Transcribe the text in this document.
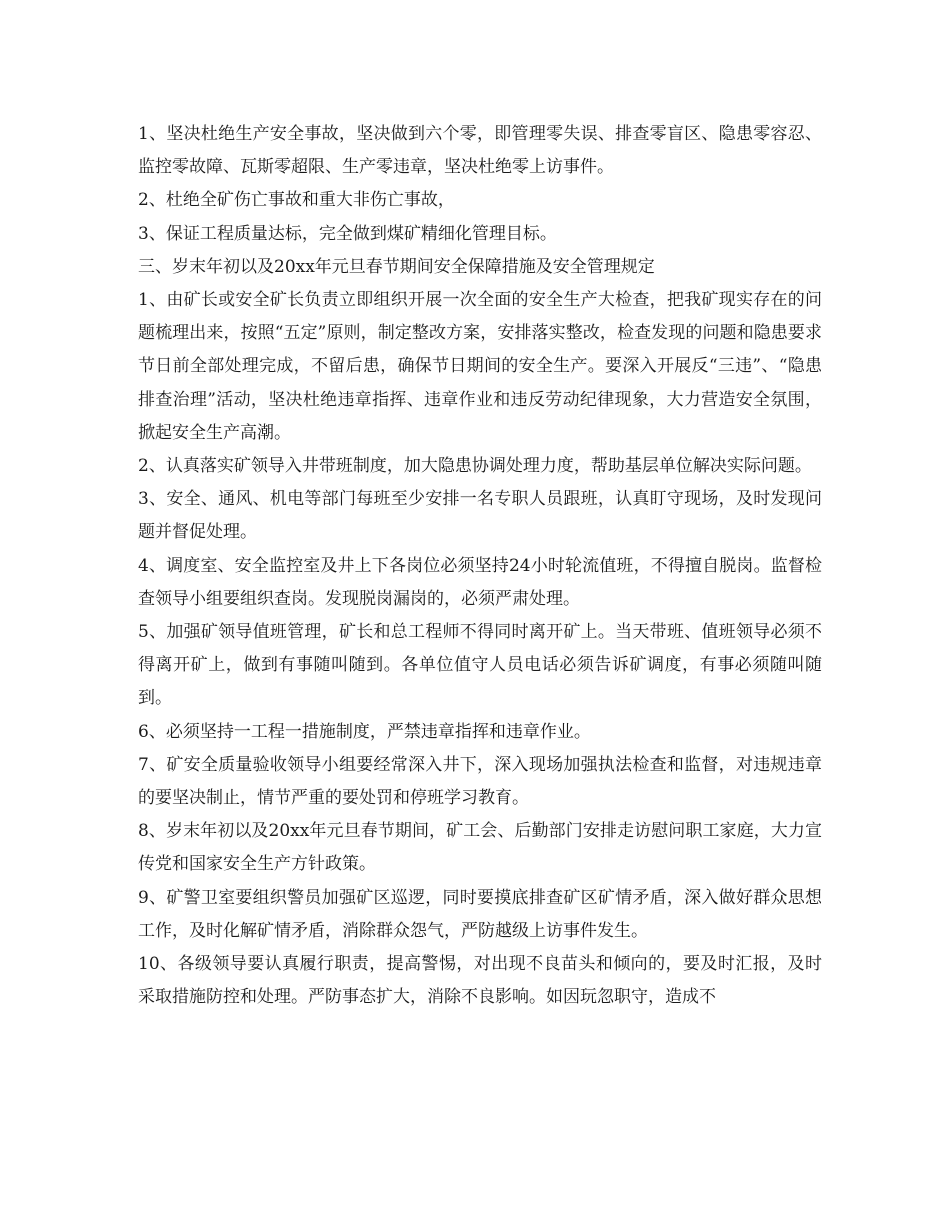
1、坚决杜绝生产安全事故，坚决做到六个零，即管理零失误、排查零盲区、隐患零容忍、监控零故障、瓦斯零超限、生产零违章，坚决杜绝零上访事件。

2、杜绝全矿伤亡事故和重大非伤亡事故，

3、保证工程质量达标，完全做到煤矿精细化管理目标。

三、岁末年初以及20xx年元旦春节期间安全保障措施及安全管理规定

1、由矿长或安全矿长负责立即组织开展一次全面的安全生产大检查，把我矿现实存在的问题梳理出来，按照“五定”原则，制定整改方案，安排落实整改，检查发现的问题和隐患要求节日前全部处理完成，不留后患，确保节日期间的安全生产。要深入开展反“三违”、“隐患排查治理”活动，坚决杜绝违章指挥、违章作业和违反劳动纪律现象，大力营造安全氛围，掀起安全生产高潮。

2、认真落实矿领导入井带班制度，加大隐患协调处理力度，帮助基层单位解决实际问题。

3、安全、通风、机电等部门每班至少安排一名专职人员跟班，认真盯守现场，及时发现问题并督促处理。

4、调度室、安全监控室及井上下各岗位必须坚持24小时轮流值班，不得擅自脱岗。监督检查领导小组要组织查岗。发现脱岗漏岗的，必须严肃处理。

5、加强矿领导值班管理，矿长和总工程师不得同时离开矿上。当天带班、值班领导必须不得离开矿上，做到有事随叫随到。各单位值守人员电话必须告诉矿调度，有事必须随叫随到。

6、必须坚持一工程一措施制度，严禁违章指挥和违章作业。

7、矿安全质量验收领导小组要经常深入井下，深入现场加强执法检查和监督，对违规违章的要坚决制止，情节严重的要处罚和停班学习教育。

8、岁末年初以及20xx年元旦春节期间，矿工会、后勤部门安排走访慰问职工家庭，大力宣传党和国家安全生产方针政策。

9、矿警卫室要组织警员加强矿区巡逻，同时要摸底排查矿区矿情矛盾，深入做好群众思想工作，及时化解矿情矛盾，消除群众怨气，严防越级上访事件发生。

10、各级领导要认真履行职责，提高警惕，对出现不良苗头和倾向的，要及时汇报，及时采取措施防控和处理。严防事态扩大，消除不良影响。如因玩忽职守，造成不
